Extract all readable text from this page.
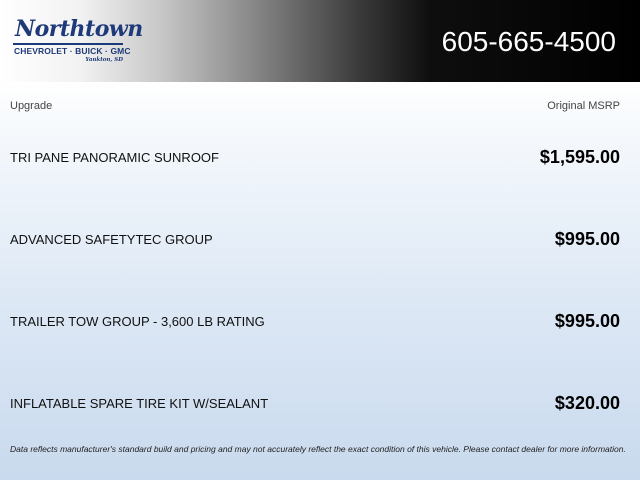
Northtown
CHEVROLET · BUICK · GMC
Yankton, SD
605-665-4500
Upgrade	Original MSRP
TRI PANE PANORAMIC SUNROOF	$1,595.00
ADVANCED SAFETYTEC GROUP	$995.00
TRAILER TOW GROUP - 3,600 LB RATING	$995.00
INFLATABLE SPARE TIRE KIT W/SEALANT	$320.00
Data reflects manufacturer's standard build and pricing and may not accurately reflect the exact condition of this vehicle. Please contact dealer for more information.
